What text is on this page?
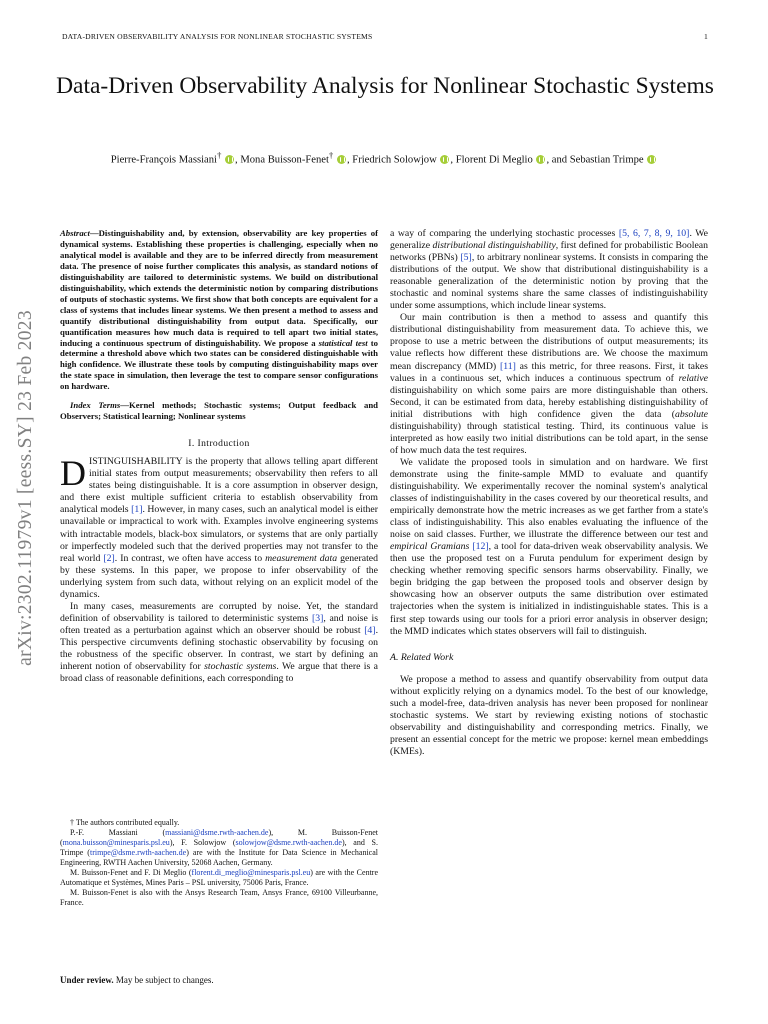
DATA-DRIVEN OBSERVABILITY ANALYSIS FOR NONLINEAR STOCHASTIC SYSTEMS	1
Data-Driven Observability Analysis for Nonlinear Stochastic Systems
Pierre-François Massiani† , Mona Buisson-Fenet† , Friedrich Solowjow , Florent Di Meglio , and Sebastian Trimpe
arXiv:2302.11979v1 [eess.SY] 23 Feb 2023
Abstract—Distinguishability and, by extension, observability are key properties of dynamical systems. Establishing these properties is challenging, especially when no analytical model is available and they are to be inferred directly from measurement data. The presence of noise further complicates this analysis, as standard notions of distinguishability are tailored to deterministic systems. We build on distributional distinguishability, which extends the deterministic notion by comparing distributions of outputs of stochastic systems. We first show that both concepts are equivalent for a class of systems that includes linear systems. We then present a method to assess and quantify distributional distinguishability from output data. Specifically, our quantification measures how much data is required to tell apart two initial states, inducing a continuous spectrum of distinguishability. We propose a statistical test to determine a threshold above which two states can be considered distinguishable with high confidence. We illustrate these tools by computing distinguishability maps over the state space in simulation, then leverage the test to compare sensor configurations on hardware.
Index Terms—Kernel methods; Stochastic systems; Output feedback and Observers; Statistical learning; Nonlinear systems
I. Introduction

DISTINGUISHABILITY is the property that allows telling apart different initial states from output measurements; observability then refers to all states being distinguishable. It is a core assumption in observer design, and there exist multiple sufficient criteria to establish observability from analytical models [1]. However, in many cases, such an analytical model is either unavailable or impractical to work with. Examples involve engineering systems with intractable models, black-box simulators, or systems that are only partially or imperfectly modeled such that the derived properties may not transfer to the real world [2]. In contrast, we often have access to measurement data generated by these systems. In this paper, we propose to infer observability of the underlying system from such data, without relying on an explicit model of the dynamics.

In many cases, measurements are corrupted by noise. Yet, the standard definition of observability is tailored to deterministic systems [3], and noise is often treated as a perturbation against which an observer should be robust [4]. This perspective circumvents defining stochastic observability by focusing on the robustness of the specific observer. In contrast, we start by defining an inherent notion of observability for stochastic systems. We argue that there is a broad class of reasonable definitions, each corresponding to

a way of comparing the underlying stochastic processes [5, 6, 7, 8, 9, 10]. We generalize distributional distinguishability, first defined for probabilistic Boolean networks (PBNs) [5], to arbitrary nonlinear systems. It consists in comparing the distributions of the output. We show that distributional distinguishability is a reasonable generalization of the deterministic notion by proving that the stochastic and nominal systems share the same classes of indistinguishability under some assumptions, which include linear systems.

Our main contribution is then a method to assess and quantify this distributional distinguishability from measurement data. To achieve this, we propose to use a metric between the distributions of output measurements; its value reflects how different these distributions are. We choose the maximum mean discrepancy (MMD) [11] as this metric, for three reasons. First, it takes values in a continuous set, which induces a continuous spectrum of relative distinguishability on which some pairs are more distinguishable than others. Second, it can be estimated from data, hereby establishing distinguishability of initial distributions with high confidence given the data (absolute distinguishability) through statistical testing. Third, its continuous value is interpreted as how easily two initial distributions can be told apart, in the sense of how much data the test requires.

We validate the proposed tools in simulation and on hardware. We first demonstrate using the finite-sample MMD to evaluate and quantify distinguishability. We experimentally recover the nominal system's analytical classes of indistinguishability in the cases covered by our theoretical results, and empirically demonstrate how the metric increases as we get farther from a state's class of indistinguishability. This also enables evaluating the influence of the noise on said classes. Further, we illustrate the difference between our test and empirical Gramians [12], a tool for data-driven weak observability analysis. We then use the proposed test on a Furuta pendulum for experiment design by checking whether removing specific sensors harms observability. Finally, we begin bridging the gap between the proposed tools and observer design by showcasing how an observer outputs the same distribution over estimated trajectories when the system is initialized in indistinguishable states. This is a first step towards using our tools for a priori error analysis in observer design; the MMD indicates which states observers will fail to distinguish.

A. Related Work

We propose a method to assess and quantify observability from output data without explicitly relying on a dynamics model. To the best of our knowledge, such a model-free, data-driven analysis has never been proposed for nonlinear stochastic systems. We start by reviewing existing notions of stochastic observability and distinguishability and corresponding metrics. Finally, we present an essential concept for the metric we propose: kernel mean embeddings (KMEs).

† The authors contributed equally.

P.-F. Massiani (massiani@dsme.rwth-aachen.de), M. Buisson-Fenet (mona.buisson@minesparis.psl.eu), F. Solowjow (solowjow@dsme.rwth-aachen.de), and S. Trimpe (trimpe@dsme.rwth-aachen.de) are with the Institute for Data Science in Mechanical Engineering, RWTH Aachen University, 52068 Aachen, Germany.

M. Buisson-Fenet and F. Di Meglio (florent.di_meglio@minesparis.psl.eu) are with the Centre Automatique et Systèmes, Mines Paris – PSL university, 75006 Paris, France.

M. Buisson-Fenet is also with the Ansys Research Team, Ansys France, 69100 Villeurbanne, France.

Under review. May be subject to changes.
